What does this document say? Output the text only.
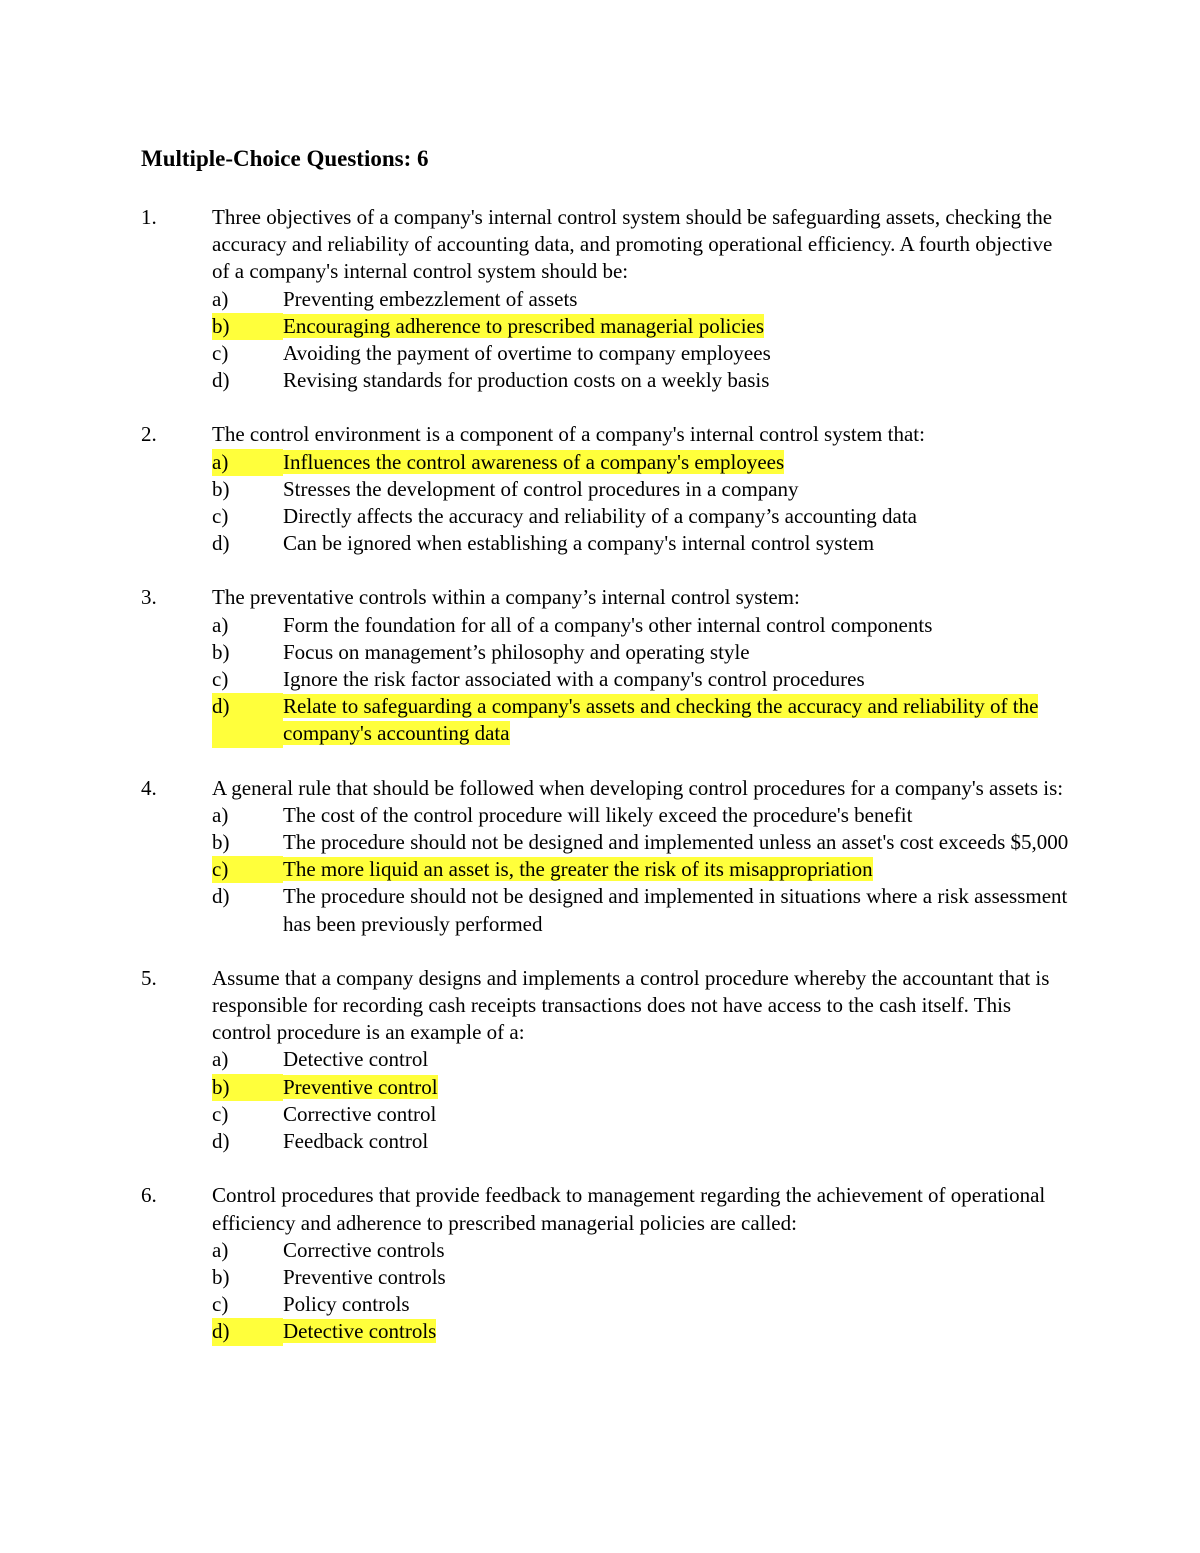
Multiple-Choice Questions: 6
1.	Three objectives of a company's internal control system should be safeguarding assets, checking the accuracy and reliability of accounting data, and promoting operational efficiency. A fourth objective of a company's internal control system should be:
a)	Preventing embezzlement of assets
b)	Encouraging adherence to prescribed managerial policies
c)	Avoiding the payment of overtime to company employees
d)	Revising standards for production costs on a weekly basis
2.	The control environment is a component of a company's internal control system that:
a)	Influences the control awareness of a company's employees
b)	Stresses the development of control procedures in a company
c)	Directly affects the accuracy and reliability of a company’s accounting data
d)	Can be ignored when establishing a company's internal control system
3.	The preventative controls within a company’s internal control system:
a)	Form the foundation for all of a company's other internal control components
b)	Focus on management’s philosophy and operating style
c)	Ignore the risk factor associated with a company's control procedures
d)	Relate to safeguarding a company's assets and checking the accuracy and reliability of the company's accounting data
4.	A general rule that should be followed when developing control procedures for a company's assets is:
a)	The cost of the control procedure will likely exceed the procedure's benefit
b)	The procedure should not be designed and implemented unless an asset's cost exceeds $5,000
c)	The more liquid an asset is, the greater the risk of its misappropriation
d)	The procedure should not be designed and implemented in situations where a risk assessment has been previously performed
5.	Assume that a company designs and implements a control procedure whereby the accountant that is responsible for recording cash receipts transactions does not have access to the cash itself. This control procedure is an example of a:
a)	Detective control
b)	Preventive control
c)	Corrective control
d)	Feedback control
6.	Control procedures that provide feedback to management regarding the achievement of operational efficiency and adherence to prescribed managerial policies are called:
a)	Corrective controls
b)	Preventive controls
c)	Policy controls
d)	Detective controls
